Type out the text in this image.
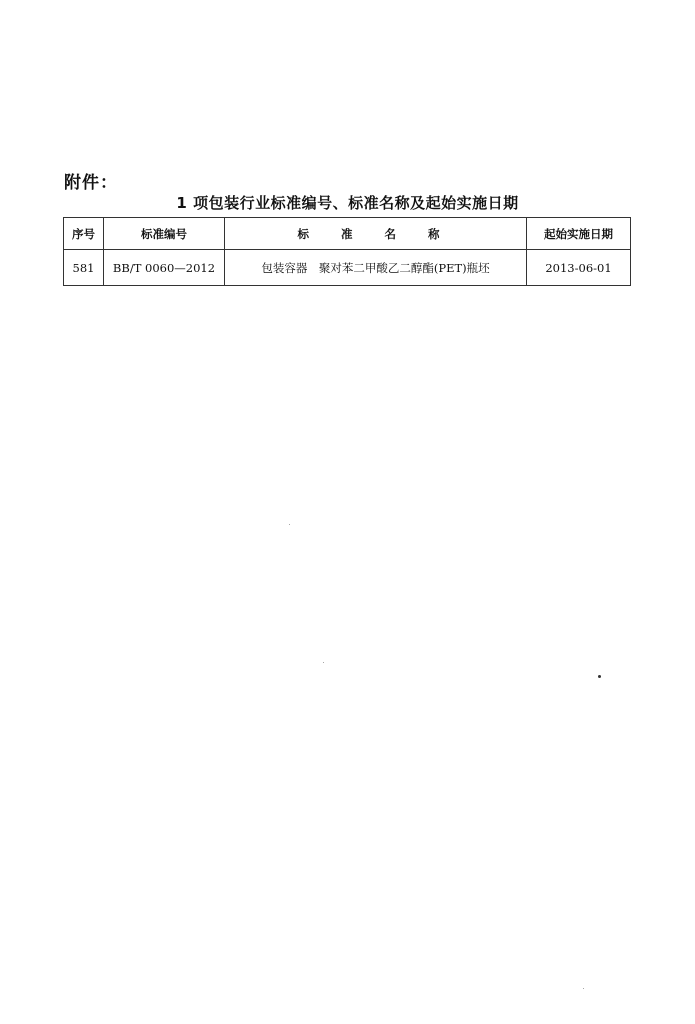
附件：
1 项包装行业标准编号、标准名称及起始实施日期
序号	标准编号	标 准 名 称	起始实施日期
581	BB/T 0060—2012	包装容器　聚对苯二甲酸乙二醇酯(PET)瓶坯	2013-06-01
